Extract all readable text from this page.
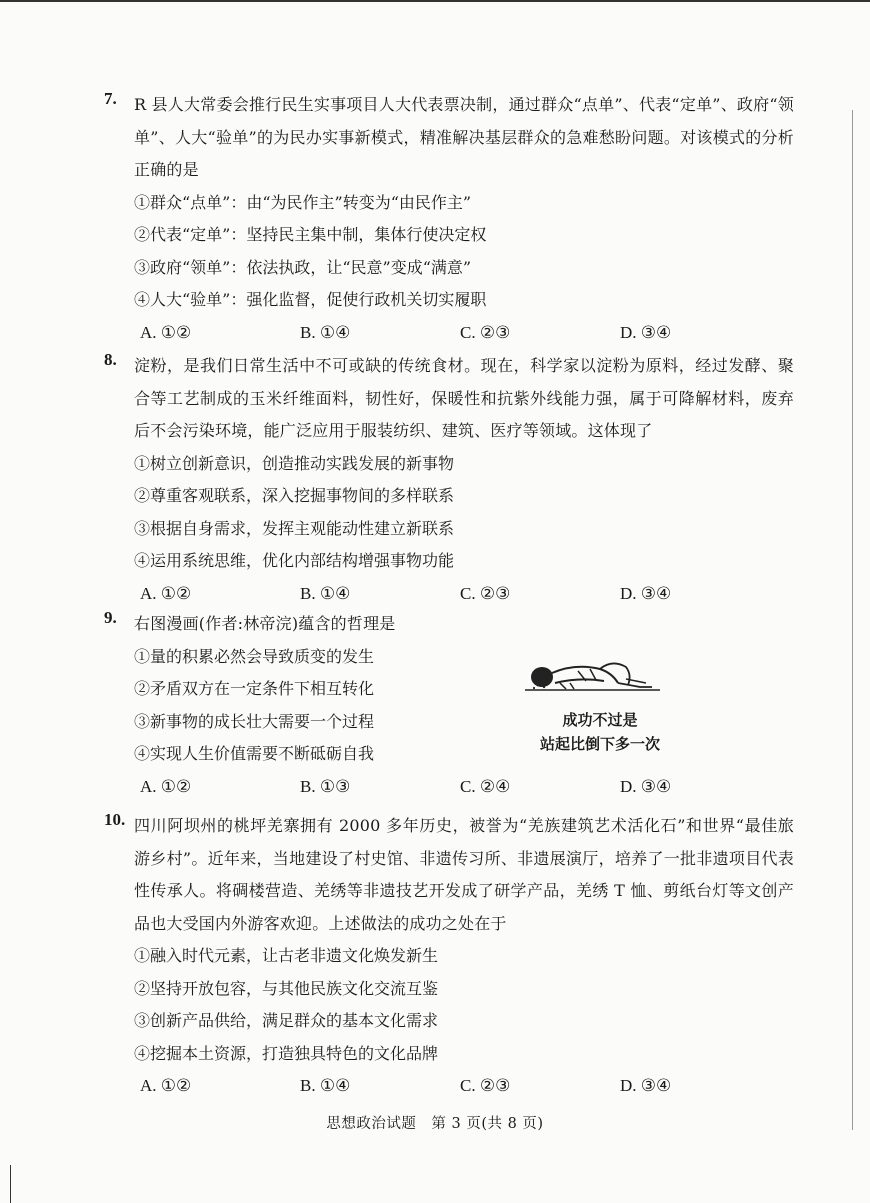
7. R 县人大常委会推行民生实事项目人大代表票决制，通过群众“点单”、代表“定单”、政府“领单”、人大“验单”的为民办实事新模式，精准解决基层群众的急难愁盼问题。对该模式的分析正确的是
①群众“点单”：由“为民作主”转变为“由民作主”
②代表“定单”：坚持民主集中制，集体行使决定权
③政府“领单”：依法执政，让“民意”变成“满意”
④人大“验单”：强化监督，促使行政机关切实履职
A. ①②	B. ①④	C. ②③	D. ③④
8. 淀粉，是我们日常生活中不可或缺的传统食材。现在，科学家以淀粉为原料，经过发酵、聚合等工艺制成的玉米纤维面料，韧性好，保暖性和抗紫外线能力强，属于可降解材料，废弃后不会污染环境，能广泛应用于服装纺织、建筑、医疗等领域。这体现了
①树立创新意识，创造推动实践发展的新事物
②尊重客观联系，深入挖掘事物间的多样联系
③根据自身需求，发挥主观能动性建立新联系
④运用系统思维，优化内部结构增强事物功能
A. ①②	B. ①④	C. ②③	D. ③④
9. 右图漫画(作者:林帝浣)蕴含的哲理是
①量的积累必然会导致质变的发生
②矛盾双方在一定条件下相互转化
③新事物的成长壮大需要一个过程
④实现人生价值需要不断砥砺自我
A. ①②	B. ①③	C. ②④	D. ③④
成功不过是
站起比倒下多一次
10. 四川阿坝州的桃坪羌寨拥有 2000 多年历史，被誉为“羌族建筑艺术活化石”和世界“最佳旅游乡村”。近年来，当地建设了村史馆、非遗传习所、非遗展演厅，培养了一批非遗项目代表性传承人。将碉楼营造、羌绣等非遗技艺开发成了研学产品，羌绣 T 恤、剪纸台灯等文创产品也大受国内外游客欢迎。上述做法的成功之处在于
①融入时代元素，让古老非遗文化焕发新生
②坚持开放包容，与其他民族文化交流互鉴
③创新产品供给，满足群众的基本文化需求
④挖掘本土资源，打造独具特色的文化品牌
A. ①②	B. ①④	C. ②③	D. ③④
思想政治试题　第 3 页(共 8 页)
